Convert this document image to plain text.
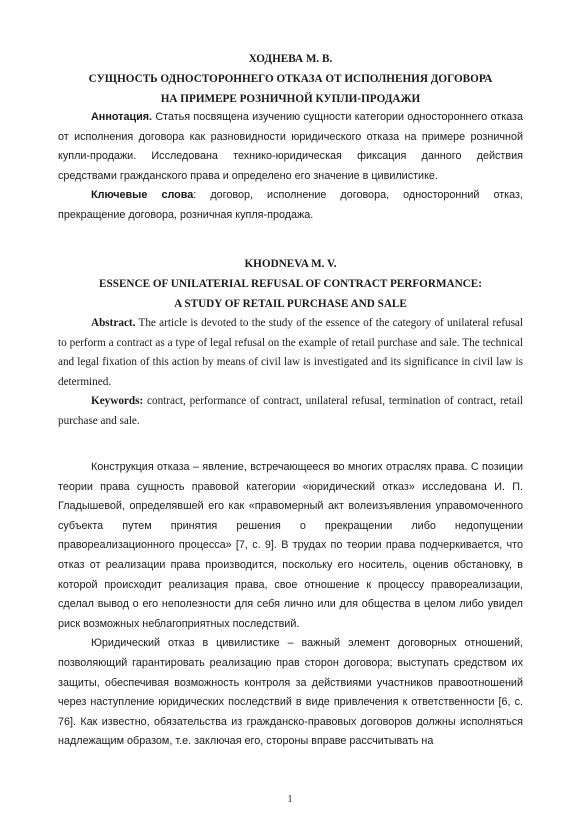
ХОДНЕВА М. В.
СУЩНОСТЬ ОДНОСТОРОННЕГО ОТКАЗА ОТ ИСПОЛНЕНИЯ ДОГОВОРА
НА ПРИМЕРЕ РОЗНИЧНОЙ КУПЛИ-ПРОДАЖИ

Аннотация. Статья посвящена изучению сущности категории одностороннего отказа от исполнения договора как разновидности юридического отказа на примере розничной купли-продажи. Исследована технико-юридическая фиксация данного действия средствами гражданского права и определено его значение в цивилистике.

Ключевые слова: договор, исполнение договора, односторонний отказ, прекращение договора, розничная купля-продажа.

KHODNEVA M. V.
ESSENCE OF UNILATERIAL REFUSAL OF CONTRACT PERFORMANCE:
A STUDY OF RETAIL PURCHASE AND SALE

Abstract. The article is devoted to the study of the essence of the category of unilateral refusal to perform a contract as a type of legal refusal on the example of retail purchase and sale. The technical and legal fixation of this action by means of civil law is investigated and its significance in civil law is determined.

Keywords: contract, performance of contract, unilateral refusal, termination of contract, retail purchase and sale.

Конструкция отказа – явление, встречающееся во многих отраслях права. С позиции теории права сущность правовой категории «юридический отказ» исследована И. П. Гладышевой, определявшей его как «правомерный акт волеизъявления управомоченного субъекта путем принятия решения о прекращении либо недопущении правореализационного процесса» [7, с. 9]. В трудах по теории права подчеркивается, что отказ от реализации права производится, поскольку его носитель, оценив обстановку, в которой происходит реализация права, свое отношение к процессу правореализации, сделал вывод о его неполезности для себя лично или для общества в целом либо увидел риск возможных неблагоприятных последствий.

Юридический отказ в цивилистике – важный элемент договорных отношений, позволяющий гарантировать реализацию прав сторон договора; выступать средством их защиты, обеспечивая возможность контроля за действиями участников правоотношений через наступление юридических последствий в виде привлечения к ответственности [6, с. 76]. Как известно, обязательства из гражданско-правовых договоров должны исполняться надлежащим образом, т.е. заключая его, стороны вправе рассчитывать на

1
